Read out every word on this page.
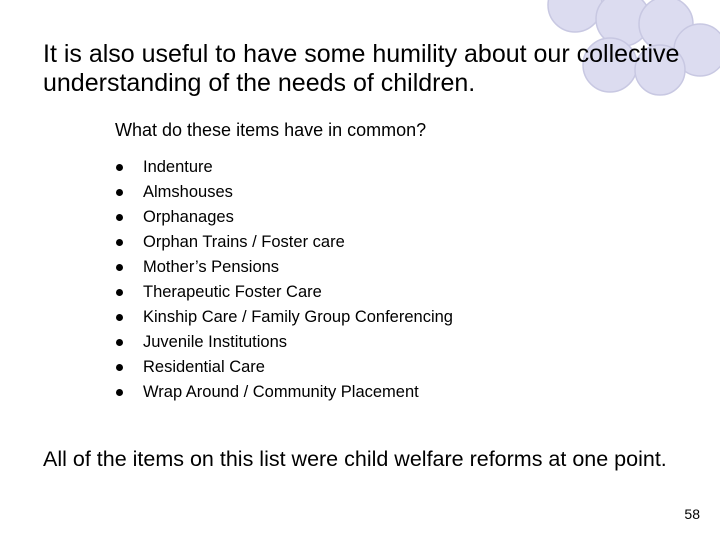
It is also useful to have some humility about our collective understanding of the needs of children.
What do these items have in common?
Indenture
Almshouses
Orphanages
Orphan Trains / Foster care
Mother’s Pensions
Therapeutic Foster Care
Kinship Care / Family Group Conferencing
Juvenile Institutions
Residential Care
Wrap Around / Community Placement
All of the items on this list were child welfare reforms at one point.
58
